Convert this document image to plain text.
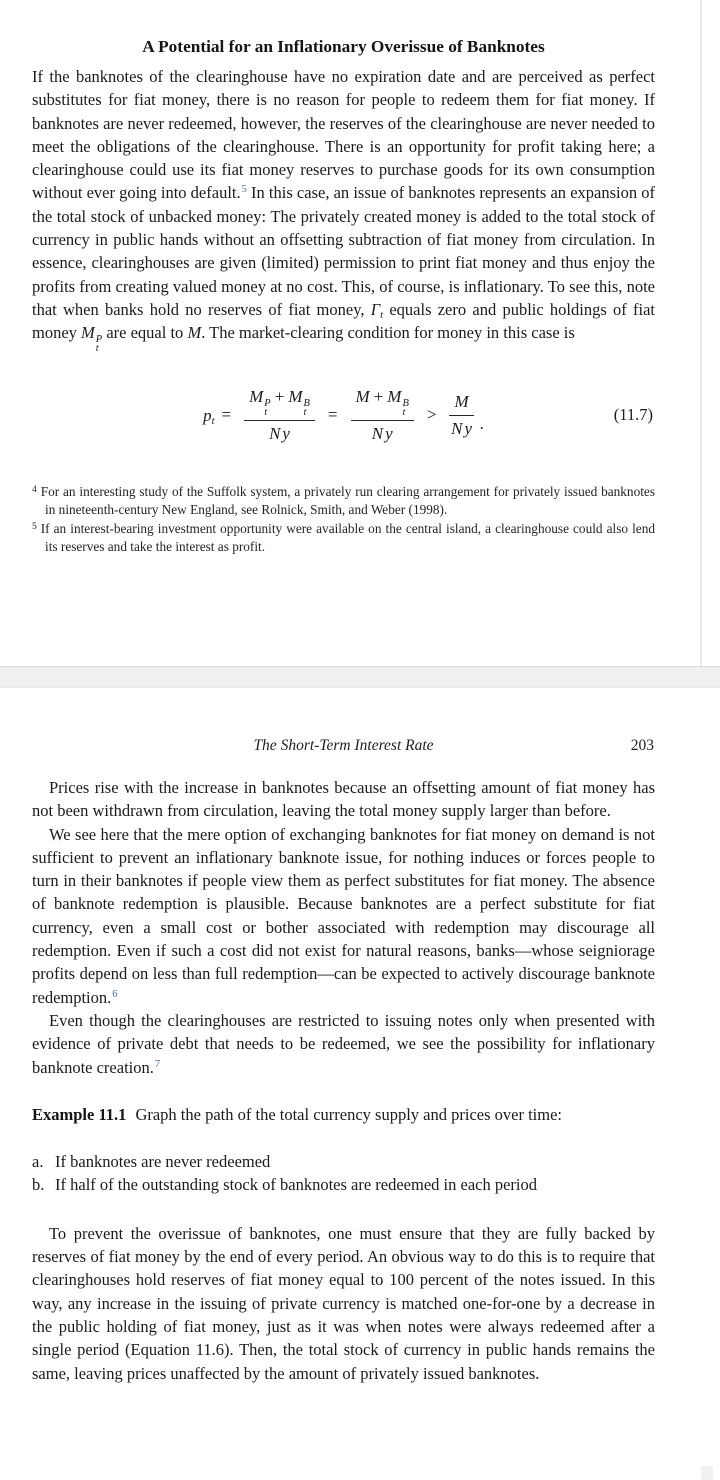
A Potential for an Inflationary Overissue of Banknotes

If the banknotes of the clearinghouse have no expiration date and are perceived as perfect substitutes for fiat money, there is no reason for people to redeem them for fiat money. If banknotes are never redeemed, however, the reserves of the clearinghouse are never needed to meet the obligations of the clearinghouse. There is an opportunity for profit taking here; a clearinghouse could use its fiat money reserves to purchase goods for its own consumption without ever going into default.$^5$ In this case, an issue of banknotes represents an expansion of the total stock of unbacked money: The privately created money is added to the total stock of currency in public hands without an offsetting subtraction of fiat money from circulation. In essence, clearinghouses are given (limited) permission to print fiat money and thus enjoy the profits from creating valued money at no cost. This, of course, is inflationary. To see this, note that when banks hold no reserves of fiat money, $\Gamma_t$ equals zero and public holdings of fiat money M P
t
are equal to M. The market-clearing condition for money in this case is

$p_t = M$ P
t
+ M B
t
N y = M + M B
t
N $y > \frac{M}{\text{N y}}$ .	(11.7)
$^4$ For an interesting study of the Suffolk system, a privately run clearing arrangement for privately issued banknotes in nineteenth-century New England, see Rolnick, Smith, and Weber (1998).
$^5$ If an interest-bearing investment opportunity were available on the central island, a clearinghouse could also lend its reserves and take the interest as profit.
The Short-Term Interest Rate	203

Prices rise with the increase in banknotes because an offsetting amount of fiat money has not been withdrawn from circulation, leaving the total money supply larger than before.

We see here that the mere option of exchanging banknotes for fiat money on demand is not sufficient to prevent an inflationary banknote issue, for nothing induces or forces people to turn in their banknotes if people view them as perfect substitutes for fiat money. The absence of banknote redemption is plausible. Because banknotes are a perfect substitute for fiat currency, even a small cost or bother associated with redemption may discourage all redemption. Even if such a cost did not exist for natural reasons, banks—whose seigniorage profits depend on less than full redemption—can be expected to actively discourage banknote redemption.$^6$

Even though the clearinghouses are restricted to issuing notes only when presented with evidence of private debt that needs to be redeemed, we see the possibility for inflationary banknote creation.$^7$

Example 11.1 Graph the path of the total currency supply and prices over time:
a. If banknotes are never redeemed
b. If half of the outstanding stock of banknotes are redeemed in each period

To prevent the overissue of banknotes, one must ensure that they are fully backed by reserves of fiat money by the end of every period. An obvious way to do this is to require that clearinghouses hold reserves of fiat money equal to 100 percent of the notes issued. In this way, any increase in the issuing of private currency is matched one-for-one by a decrease in the public holding of fiat money, just as it was when notes were always redeemed after a single period (Equation 11.6). Then, the total stock of currency in public hands remains the same, leaving prices unaffected by the amount of privately issued banknotes.
